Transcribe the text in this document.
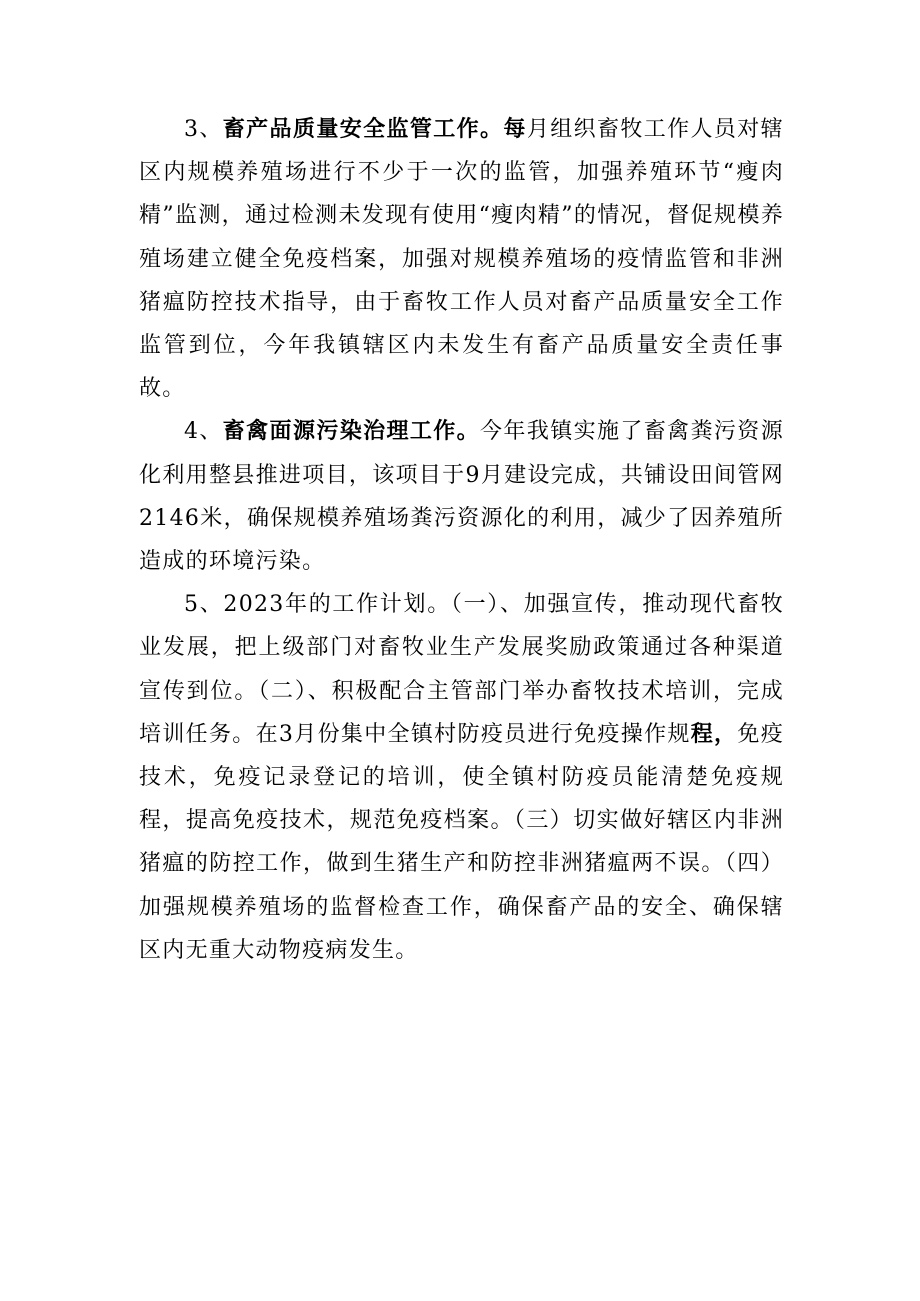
3、畜产品质量安全监管工作。每月组织畜牧工作人员对辖区内规模养殖场进行不少于一次的监管，加强养殖环节“瘦肉精”监测，通过检测未发现有使用“瘦肉精”的情况，督促规模养殖场建立健全免疫档案，加强对规模养殖场的疫情监管和非洲猪瘟防控技术指导，由于畜牧工作人员对畜产品质量安全工作监管到位，今年我镇辖区内未发生有畜产品质量安全责任事故。

4、畜禽面源污染治理工作。今年我镇实施了畜禽粪污资源化利用整县推进项目，该项目于9月建设完成，共铺设田间管网2146米，确保规模养殖场粪污资源化的利用，减少了因养殖所造成的环境污染。

5、2023年的工作计划。（一）、加强宣传，推动现代畜牧业发展，把上级部门对畜牧业生产发展奖励政策通过各种渠道宣传到位。（二）、积极配合主管部门举办畜牧技术培训，完成培训任务。在3月份集中全镇村防疫员进行免疫操作规程，免疫技术，免疫记录登记的培训，使全镇村防疫员能清楚免疫规程，提高免疫技术，规范免疫档案。（三）切实做好辖区内非洲猪瘟的防控工作，做到生猪生产和防控非洲猪瘟两不误。（四）加强规模养殖场的监督检查工作，确保畜产品的安全、确保辖区内无重大动物疫病发生。
